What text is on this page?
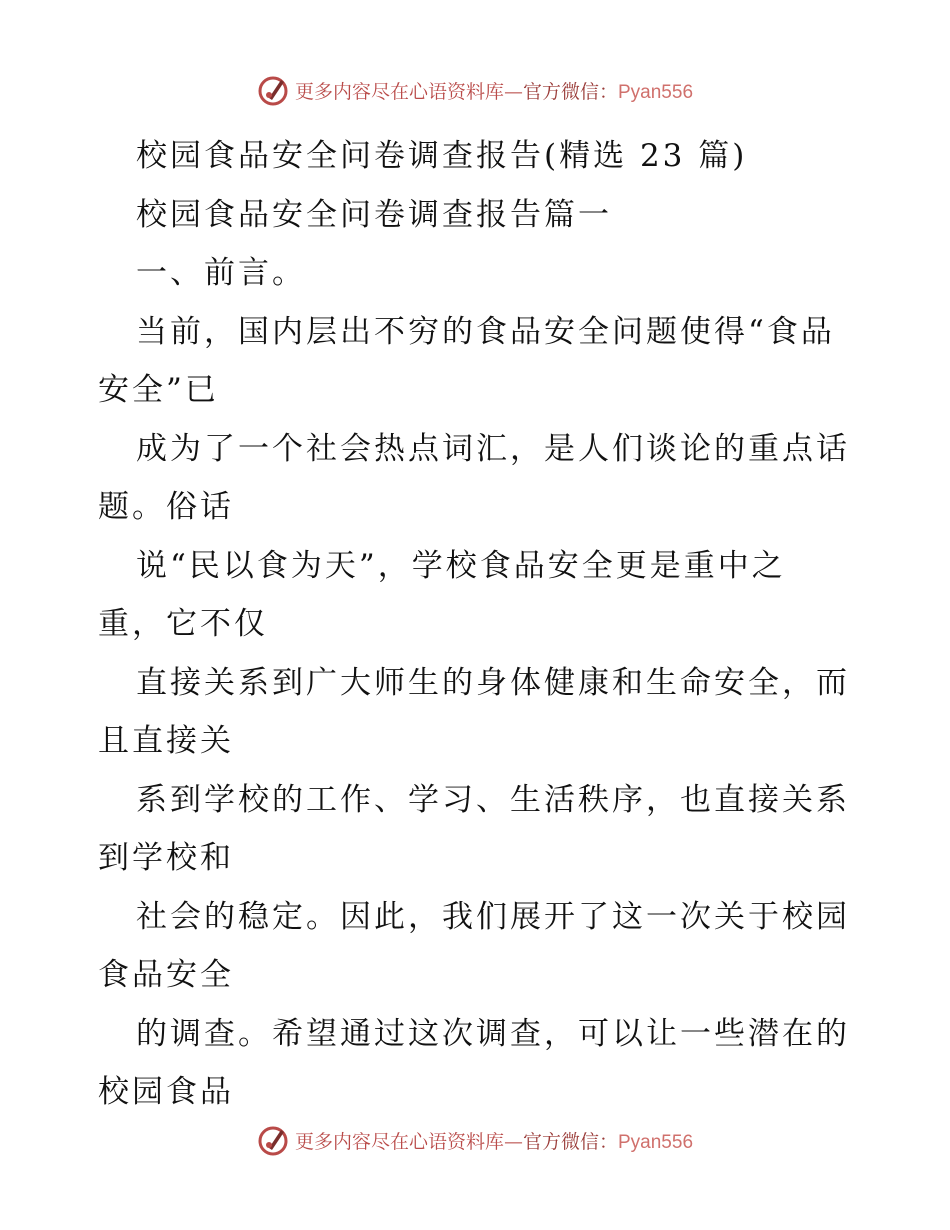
更多内容尽在心语资料库—官方微信：Pyan556
校园食品安全问卷调查报告(精选 23 篇)
校园食品安全问卷调查报告篇一
一、前言。
当前，国内层出不穷的食品安全问题使得“食品
安全”已
成为了一个社会热点词汇，是人们谈论的重点话
题。俗话
说“民以食为天”，学校食品安全更是重中之
重，它不仅
直接关系到广大师生的身体健康和生命安全，而
且直接关
系到学校的工作、学习、生活秩序，也直接关系
到学校和
社会的稳定。因此，我们展开了这一次关于校园
食品安全
的调查。希望通过这次调查，可以让一些潜在的
校园食品
更多内容尽在心语资料库—官方微信：Pyan556
